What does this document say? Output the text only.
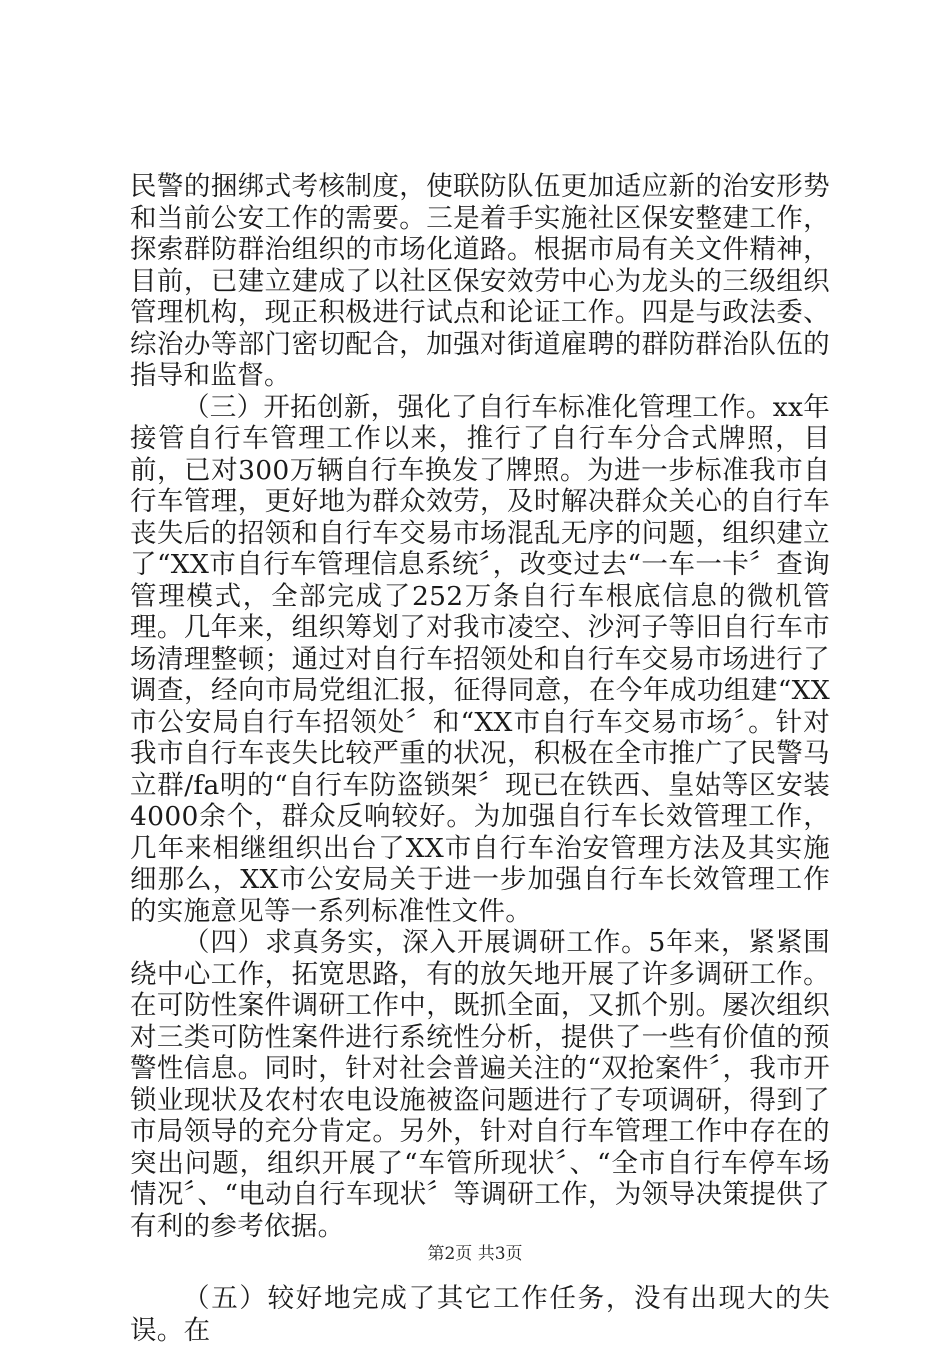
民警的捆绑式考核制度，使联防队伍更加适应新的治安形势和当前公安工作的需要。三是着手实施社区保安整建工作，探索群防群治组织的市场化道路。根据市局有关文件精神，目前，已建立建成了以社区保安效劳中心为龙头的三级组织管理机构，现正积极进行试点和论证工作。四是与政法委、综治办等部门密切配合，加强对街道雇聘的群防群治队伍的指导和监督。

（三）开拓创新，强化了自行车标准化管理工作。xx年接管自行车管理工作以来，推行了自行车分合式牌照，目前，已对300万辆自行车换发了牌照。为进一步标准我市自行车管理，更好地为群众效劳，及时解决群众关心的自行车丧失后的招领和自行车交易市场混乱无序的问题，组织建立了“XX市自行车管理信息系统〞，改变过去“一车一卡〞查询管理模式，全部完成了252万条自行车根底信息的微机管理。几年来，组织筹划了对我市凌空、沙河子等旧自行车市场清理整顿；通过对自行车招领处和自行车交易市场进行了调查，经向市局党组汇报，征得同意，在今年成功组建“XX市公安局自行车招领处〞和“XX市自行车交易市场〞。针对我市自行车丧失比较严重的状况，积极在全市推广了民警马立群/fa明的“自行车防盗锁架〞现已在铁西、皇姑等区安装4000余个，群众反响较好。为加强自行车长效管理工作，几年来相继组织出台了XX市自行车治安管理方法及其实施细那么，XX市公安局关于进一步加强自行车长效管理工作的实施意见等一系列标准性文件。

（四）求真务实，深入开展调研工作。5年来，紧紧围绕中心工作，拓宽思路，有的放矢地开展了许多调研工作。在可防性案件调研工作中，既抓全面，又抓个别。屡次组织对三类可防性案件进行系统性分析，提供了一些有价值的预警性信息。同时，针对社会普遍关注的“双抢案件〞，我市开锁业现状及农村农电设施被盗问题进行了专项调研，得到了市局领导的充分肯定。另外，针对自行车管理工作中存在的突出问题，组织开展了“车管所现状〞、“全市自行车停车场情况〞、“电动自行车现状〞等调研工作，为领导决策提供了有利的参考依据。

（五）较好地完成了其它工作任务，没有出现大的失误。在

第2页 共3页
